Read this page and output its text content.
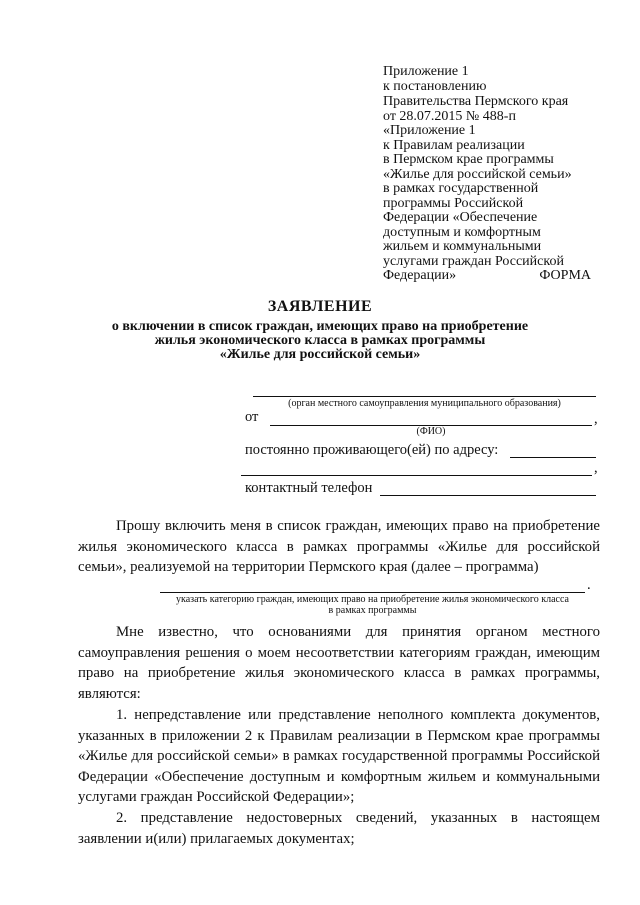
Приложение 1
к постановлению
Правительства Пермского края
от 28.07.2015 № 488-п
«Приложение 1
к Правилам реализации
в Пермском крае программы
«Жилье для российской семьи»
в рамках государственной
программы Российской
Федерации «Обеспечение
доступным и комфортным
жильем и коммунальными
услугами граждан Российской
Федерации»	ФОРМА
ЗАЯВЛЕНИЕ
о включении в список граждан, имеющих право на приобретение
жилья экономического класса в рамках программы
«Жилье для российской семьи»
(орган местного самоуправления муниципального образования)
от	,
(ФИО)
постоянно проживающего(ей) по адресу:
,
контактный телефон
Прошу включить меня в список граждан, имеющих право на приобретение жилья экономического класса в рамках программы «Жилье для российской семьи», реализуемой на территории Пермского края (далее – программа)
.
указать категорию граждан, имеющих право на приобретение жилья экономического класса
в рамках программы
Мне известно, что основаниями для принятия органом местного самоуправления решения о моем несоответствии категориям граждан, имеющим право на приобретение жилья экономического класса в рамках программы, являются:
1. непредставление или представление неполного комплекта документов, указанных в приложении 2 к Правилам реализации в Пермском крае программы «Жилье для российской семьи» в рамках государственной программы Российской Федерации «Обеспечение доступным и комфортным жильем и коммунальными услугами граждан Российской Федерации»;
2. представление недостоверных сведений, указанных в настоящем заявлении и(или) прилагаемых документах;
